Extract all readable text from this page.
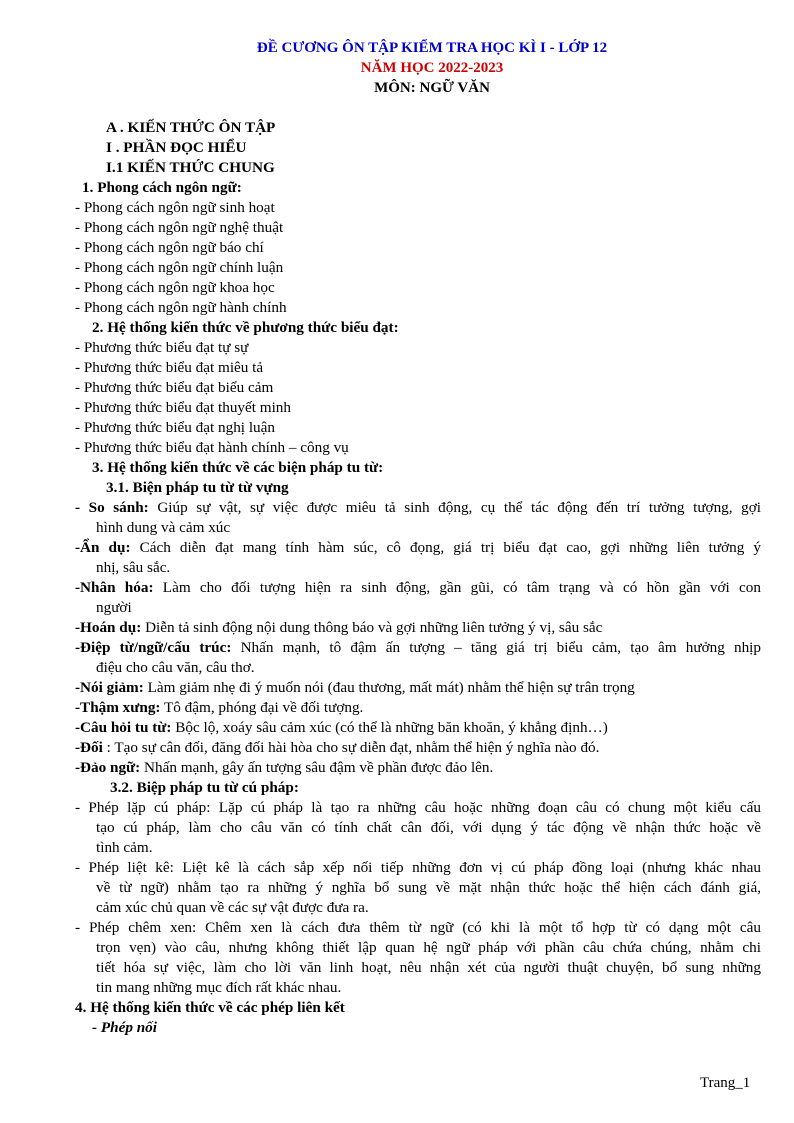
ĐỀ CƯƠNG ÔN TẬP KIỂM TRA HỌC KÌ I - LỚP 12
NĂM HỌC 2022-2023
MÔN: NGỮ VĂN
A . KIẾN THỨC ÔN TẬP
I . PHẦN ĐỌC HIỂU
I.1 KIẾN THỨC CHUNG
1. Phong cách ngôn ngữ:
- Phong cách ngôn ngữ sinh hoạt
- Phong cách ngôn ngữ nghệ thuật
- Phong cách ngôn ngữ báo chí
- Phong cách ngôn ngữ chính luận
- Phong cách ngôn ngữ khoa học
- Phong cách ngôn ngữ hành chính
2. Hệ thống kiến thức về phương thức biểu đạt:
- Phương thức biểu đạt tự sự
- Phương thức biểu đạt miêu tả
- Phương thức biểu đạt biểu cảm
- Phương thức biểu đạt thuyết minh
- Phương thức biểu đạt nghị luận
- Phương thức biểu đạt hành chính – công vụ
3. Hệ thống kiến thức về các biện pháp tu từ:
3.1. Biện pháp tu từ từ vựng
- So sánh: Giúp sự vật, sự việc được miêu tả sinh động, cụ thể tác động đến trí tưởng tượng, gợi
hình dung và cảm xúc
-Ẩn dụ: Cách diễn đạt mang tính hàm súc, cô đọng, giá trị biểu đạt cao, gợi những liên tưởng ý
nhị, sâu sắc.
-Nhân hóa: Làm cho đối tượng hiện ra sinh động, gần gũi, có tâm trạng và có hồn gần với con
người
-Hoán dụ: Diễn tả sinh động nội dung thông báo và gợi những liên tưởng ý vị, sâu sắc
-Điệp từ/ngữ/cấu trúc: Nhấn mạnh, tô đậm ấn tượng – tăng giá trị biểu cảm, tạo âm hưởng nhịp
điệu cho câu văn, câu thơ.
-Nói giảm: Làm giảm nhẹ đi ý muốn nói (đau thương, mất mát) nhằm thể hiện sự trân trọng
-Thậm xưng: Tô đậm, phóng đại về đối tượng.
-Câu hỏi tu từ: Bộc lộ, xoáy sâu cảm xúc (có thể là những băn khoăn, ý khẳng định…)
-Đối : Tạo sự cân đối, đăng đối hài hòa cho sự diễn đạt, nhằm thể hiện ý nghĩa nào đó.
-Đảo ngữ: Nhấn mạnh, gây ấn tượng sâu đậm về phần được đảo lên.
3.2. Biệp pháp tu từ cú pháp:
- Phép lặp cú pháp: Lặp cú pháp là tạo ra những câu hoặc những đoạn câu có chung một kiểu cấu
tạo cú pháp, làm cho câu văn có tính chất cân đối, với dụng ý tác động về nhận thức hoặc về
tình cảm.
- Phép liệt kê: Liệt kê là cách sắp xếp nối tiếp những đơn vị cú pháp đồng loại (nhưng khác nhau
về từ ngữ) nhằm tạo ra những ý nghĩa bổ sung về mặt nhận thức hoặc thể hiện cách đánh giá,
cảm xúc chủ quan về các sự vật được đưa ra.
- Phép chêm xen: Chêm xen là cách đưa thêm từ ngữ (có khi là một tổ hợp từ có dạng một câu
trọn vẹn) vào câu, nhưng không thiết lập quan hệ ngữ pháp với phần câu chứa chúng, nhằm chi
tiết hóa sự việc, làm cho lời văn linh hoạt, nêu nhận xét của người thuật chuyện, bổ sung những
tin mang những mục đích rất khác nhau.
4. Hệ thống kiến thức về các phép liên kết
- Phép nối
Trang_1
